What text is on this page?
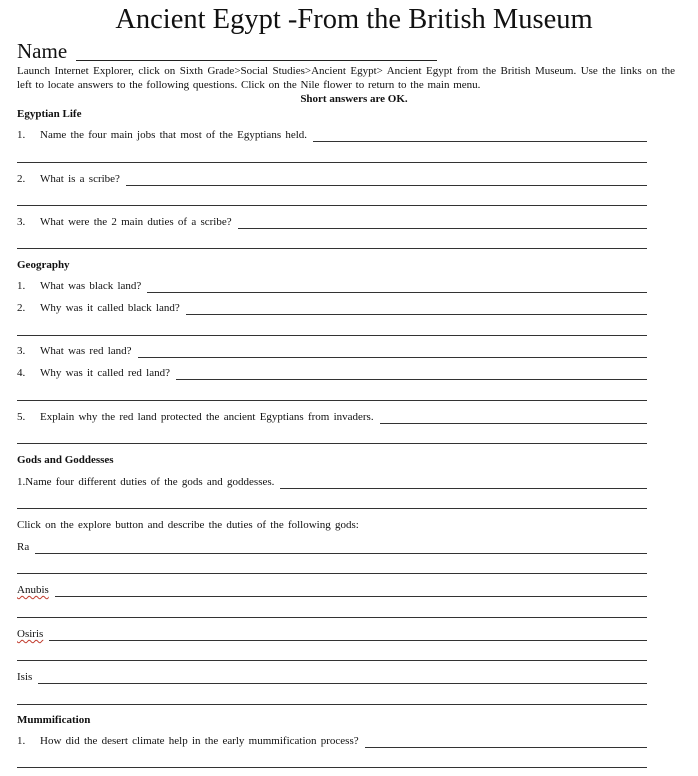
Ancient Egypt -From the British Museum
Name
Launch Internet Explorer, click on Sixth Grade>Social Studies>Ancient Egypt> Ancient Egypt from the British Museum. Use the links on the left to locate answers to the following questions. Click on the Nile flower to return to the main menu.
Short answers are OK.
Egyptian Life
1.	Name the four main jobs that most of the Egyptians held.
2.	What is a scribe?
3.	What were the 2 main duties of a scribe?
Geography
1.	What was black land?
2.	Why was it called black land?
3.	What was red land?
4.	Why was it called red land?
5.	Explain why the red land protected the ancient Egyptians from invaders.
Gods and Goddesses
1.Name four different duties of the gods and goddesses.
Click on the explore button and describe the duties of the following gods:
Ra
Anubis
Osiris
Isis
Mummification
1.	How did the desert climate help in the early mummification process?
